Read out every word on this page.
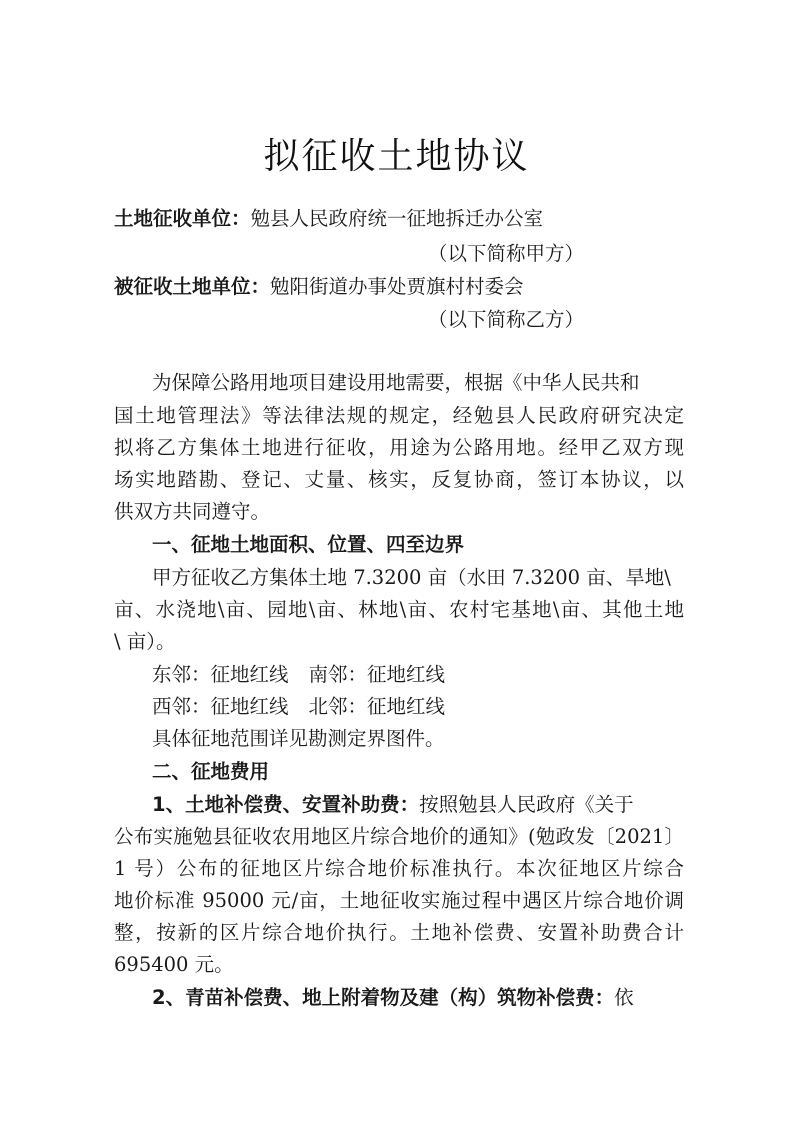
拟征收土地协议
土地征收单位：勉县人民政府统一征地拆迁办公室
（以下简称甲方）
被征收土地单位：勉阳街道办事处贾旗村村委会
（以下简称乙方）
为保障公路用地项目建设用地需要，根据《中华人民共和
国土地管理法》等法律法规的规定，经勉县人民政府研究决定
拟将乙方集体土地进行征收，用途为公路用地。经甲乙双方现
场实地踏勘、登记、丈量、核实，反复协商，签订本协议，以
供双方共同遵守。
一、征地土地面积、位置、四至边界
甲方征收乙方集体土地 7.3200 亩（水田 7.3200 亩、旱地\
亩、水浇地\亩、园地\亩、林地\亩、农村宅基地\亩、其他土地
\ 亩）。
东邻：征地红线 南邻：征地红线
西邻：征地红线 北邻：征地红线
具体征地范围详见勘测定界图件。
二、征地费用
1、土地补偿费、安置补助费：按照勉县人民政府《关于
公布实施勉县征收农用地区片综合地价的通知》(勉政发〔2021〕
1 号）公布的征地区片综合地价标准执行。本次征地区片综合
地价标准 95000 元/亩，土地征收实施过程中遇区片综合地价调
整，按新的区片综合地价执行。土地补偿费、安置补助费合计
695400 元。
2、青苗补偿费、地上附着物及建（构）筑物补偿费：依
